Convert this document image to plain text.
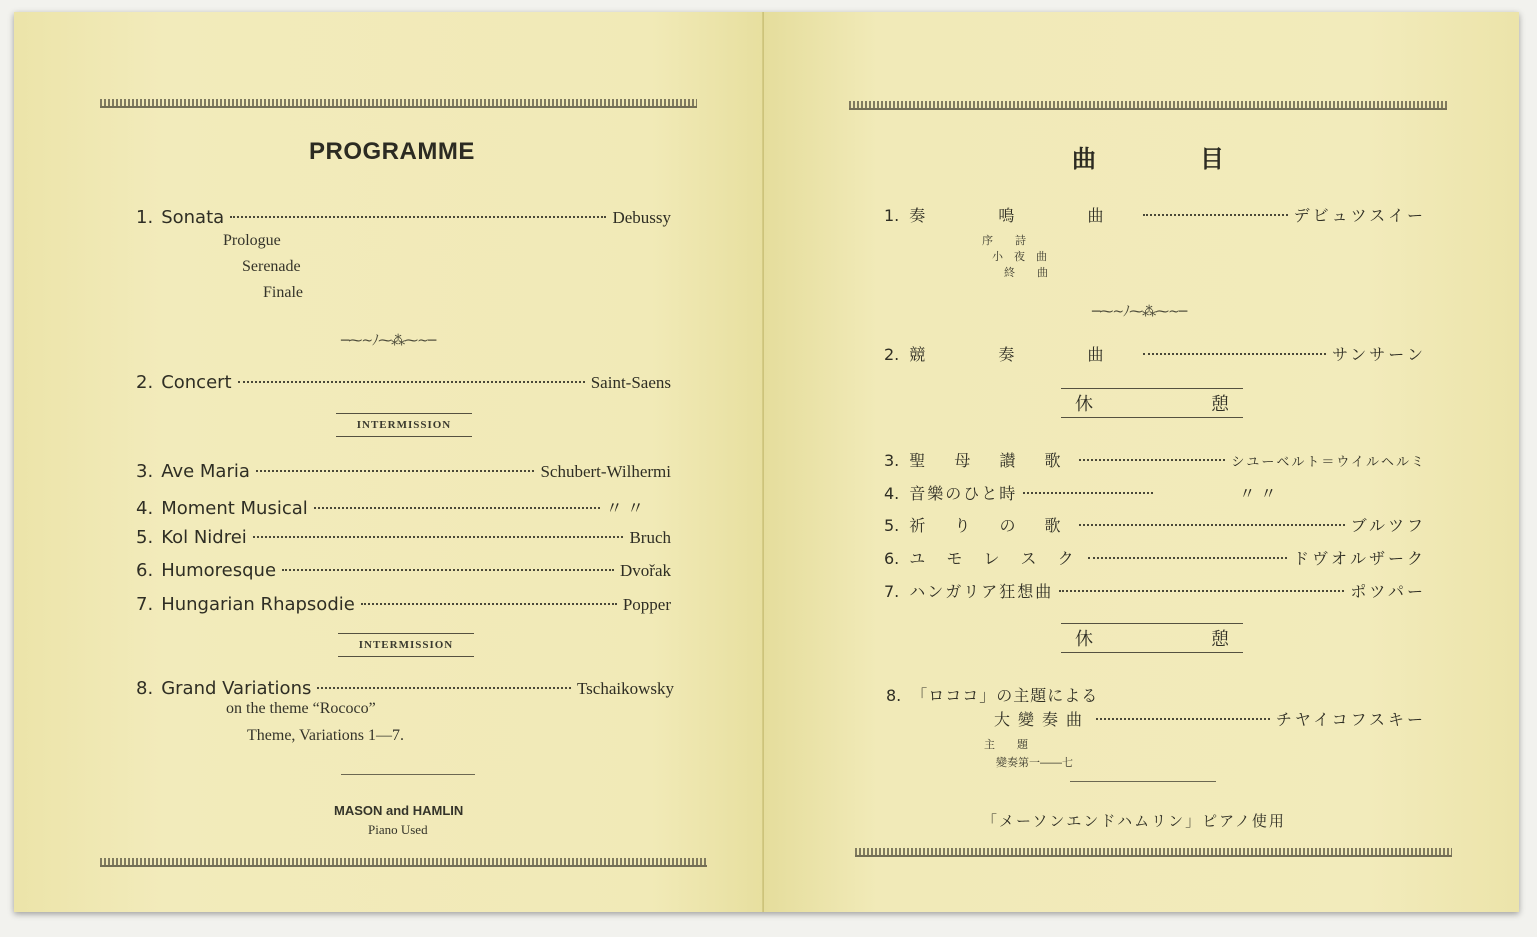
PROGRAMME
1. Sonata	Debussy
Prologue
Serenade
Finale
─⁓~ﾉ⁓⁂⁓~─
2. Concert	Saint-Saens
INTERMISSION
3. Ave Maria	Schubert-Wilhermi
4. Moment Musical	〃 〃
5. Kol Nidrei	Bruch
6. Humoresque	Dvořak
7. Hungarian Rhapsodie	Popper
INTERMISSION
8. Grand Variations	Tschaikowsky
on the theme “Rococo”
Theme, Variations 1—7.
MASON and HAMLIN
Piano Used
曲	目
1. 奏 鳴 曲	デビュツスイー
序　　詩
小　夜　曲
終　　曲
─⁓~ﾉ⁓⁂⁓~─
2. 競 奏 曲	サンサーン
休	憩
3. 聖 母 讃 歌	シユーベルト＝ウイルヘルミ
4. 音樂のひと時	〃 〃
5. 祈 り の 歌	ブルツフ
6. ユ モ レ ス ク	ドヴオルザーク
7. ハンガリア狂想曲	ポツパー
休	憩
8. 「ロココ」の主題による
大變奏曲	チヤイコフスキー
主　　題
變奏第一――七
「メーソンエンドハムリン」ピアノ使用
